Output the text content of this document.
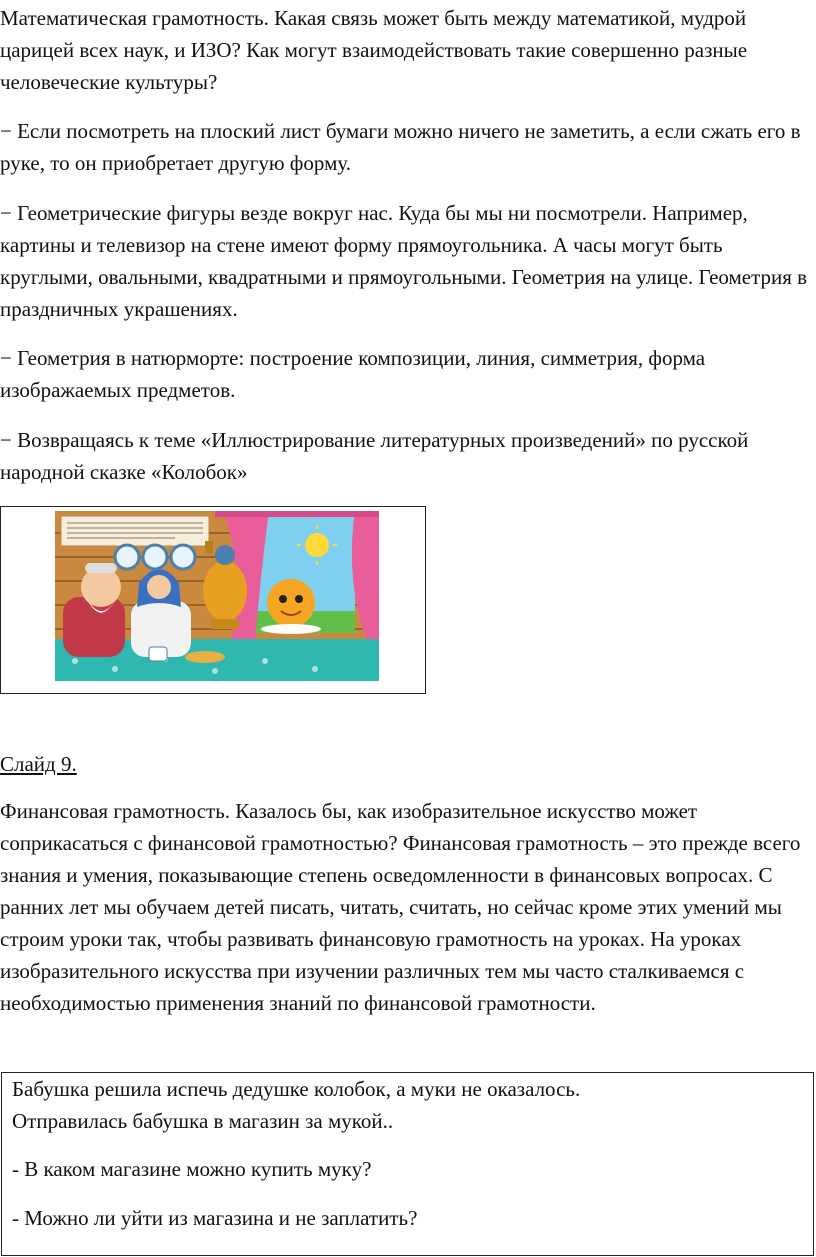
Математическая грамотность. Какая связь может быть между математикой, мудрой царицей всех наук, и ИЗО? Как могут взаимодействовать такие совершенно разные человеческие культуры?

− Если посмотреть на плоский лист бумаги можно ничего не заметить, а если сжать его в руке, то он приобретает другую форму.

− Геометрические фигуры везде вокруг нас. Куда бы мы ни посмотрели. Например, картины и телевизор на стене имеют форму прямоугольника. А часы могут быть круглыми, овальными, квадратными и прямоугольными. Геометрия на улице. Геометрия в праздничных украшениях.

− Геометрия в натюрморте: построение композиции, линия, симметрия, форма изображаемых предметов.

− Возвращаясь к теме «Иллюстрирование литературных произведений» по русской народной сказке «Колобок»

Слайд 9.

Финансовая грамотность. Казалось бы, как изобразительное искусство может соприкасаться с финансовой грамотностью? Финансовая грамотность – это прежде всего знания и умения, показывающие степень осведомленности в финансовых вопросах. С ранних лет мы обучаем детей писать, читать, считать, но сейчас кроме этих умений мы строим уроки так, чтобы развивать финансовую грамотность на уроках. На уроках изобразительного искусства при изучении различных тем мы часто сталкиваемся с необходимостью применения знаний по финансовой грамотности.

Бабушка решила испечь дедушке колобок, а муки не оказалось.

Отправилась бабушка в магазин за мукой..

- В каком магазине можно купить муку?

- Можно ли уйти из магазина и не заплатить?
